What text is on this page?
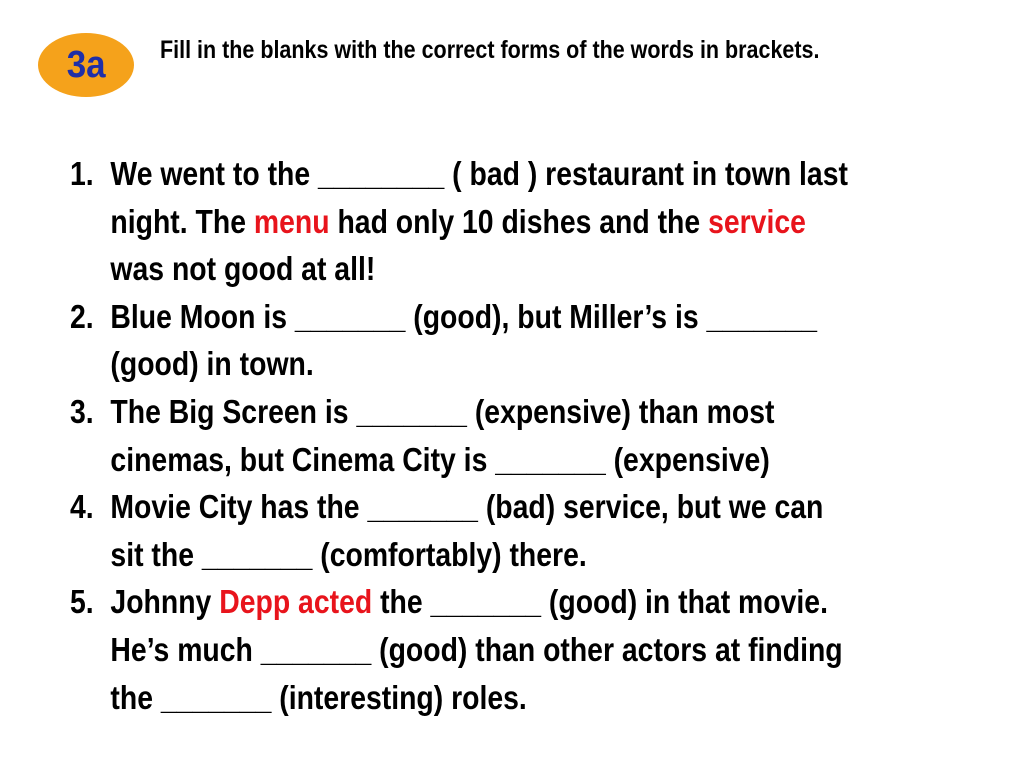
3a Fill in the blanks with the correct forms of the words in brackets.
1. We went to the ________ ( bad ) restaurant in town last
night. The menu had only 10 dishes and the service
was not good at all!
2. Blue Moon is _______ (good), but Miller’s is _______
(good) in town.
3. The Big Screen is _______ (expensive) than most
cinemas, but Cinema City is _______ (expensive)
4. Movie City has the _______ (bad) service, but we can
sit the _______ (comfortably) there.
5. Johnny Depp acted the _______ (good) in that movie.
He’s much _______ (good) than other actors at finding
the _______ (interesting) roles.
